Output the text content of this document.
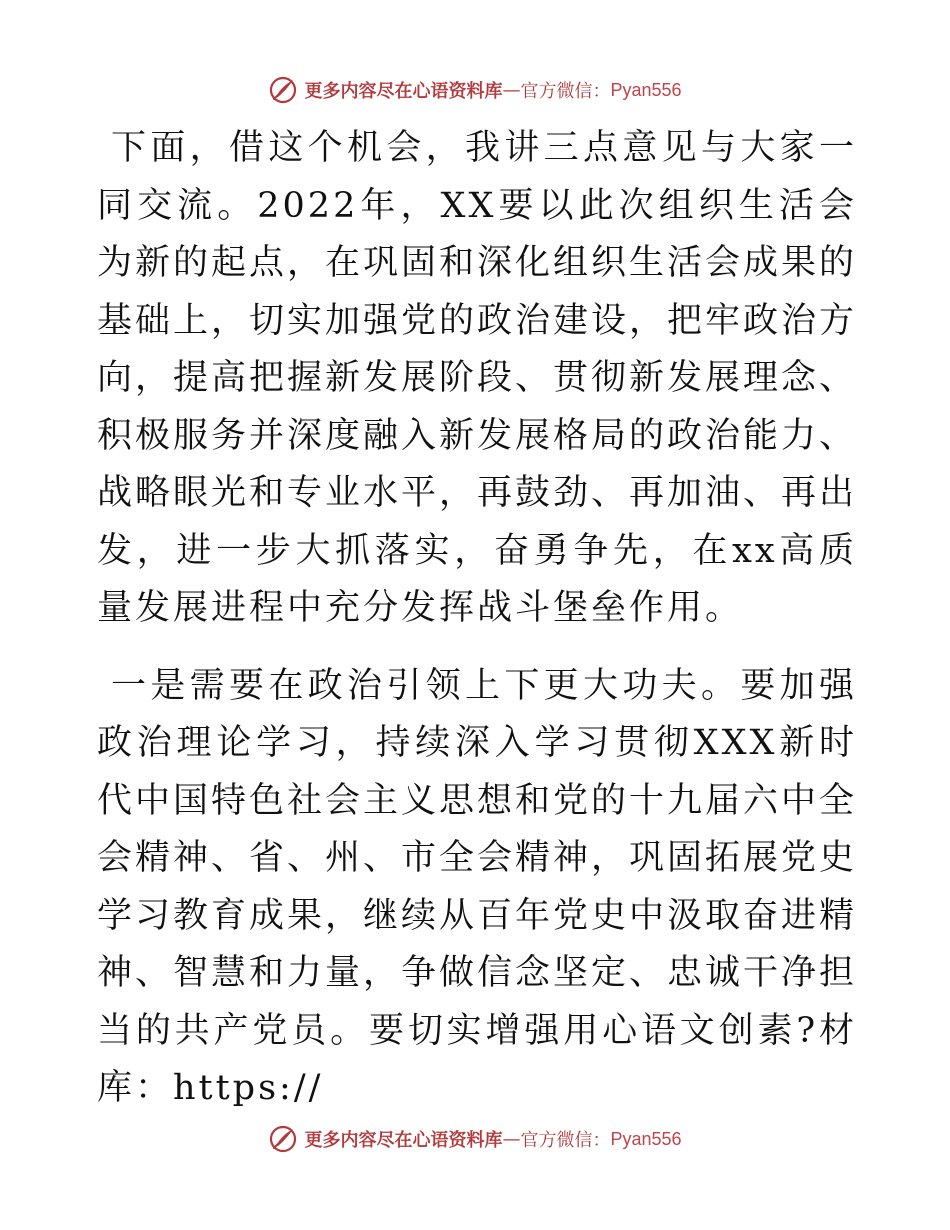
更多内容尽在心语资料库 — 官方微信： Pyan556

下面，借这个机会，我讲三点意见与大家一同交流。2022年，XX要以此次组织生活会为新的起点，在巩固和深化组织生活会成果的基础上，切实加强党的政治建设，把牢政治方向，提高把握新发展阶段、贯彻新发展理念、积极服务并深度融入新发展格局的政治能力、战略眼光和专业水平，再鼓劲、再加油、再出发，进一步大抓落实，奋勇争先，在xx高质量发展进程中充分发挥战斗堡垒作用。

一是需要在政治引领上下更大功夫。要加强政治理论学习，持续深入学习贯彻XXX新时代中国特色社会主义思想和党的十九届六中全会精神、省、州、市全会精神，巩固拓展党史学习教育成果，继续从百年党史中汲取奋进精神、智慧和力量，争做信念坚定、忠诚干净担当的共产党员。要切实增强用心语文创素?材库：https://

更多内容尽在心语资料库 — 官方微信： Pyan556
